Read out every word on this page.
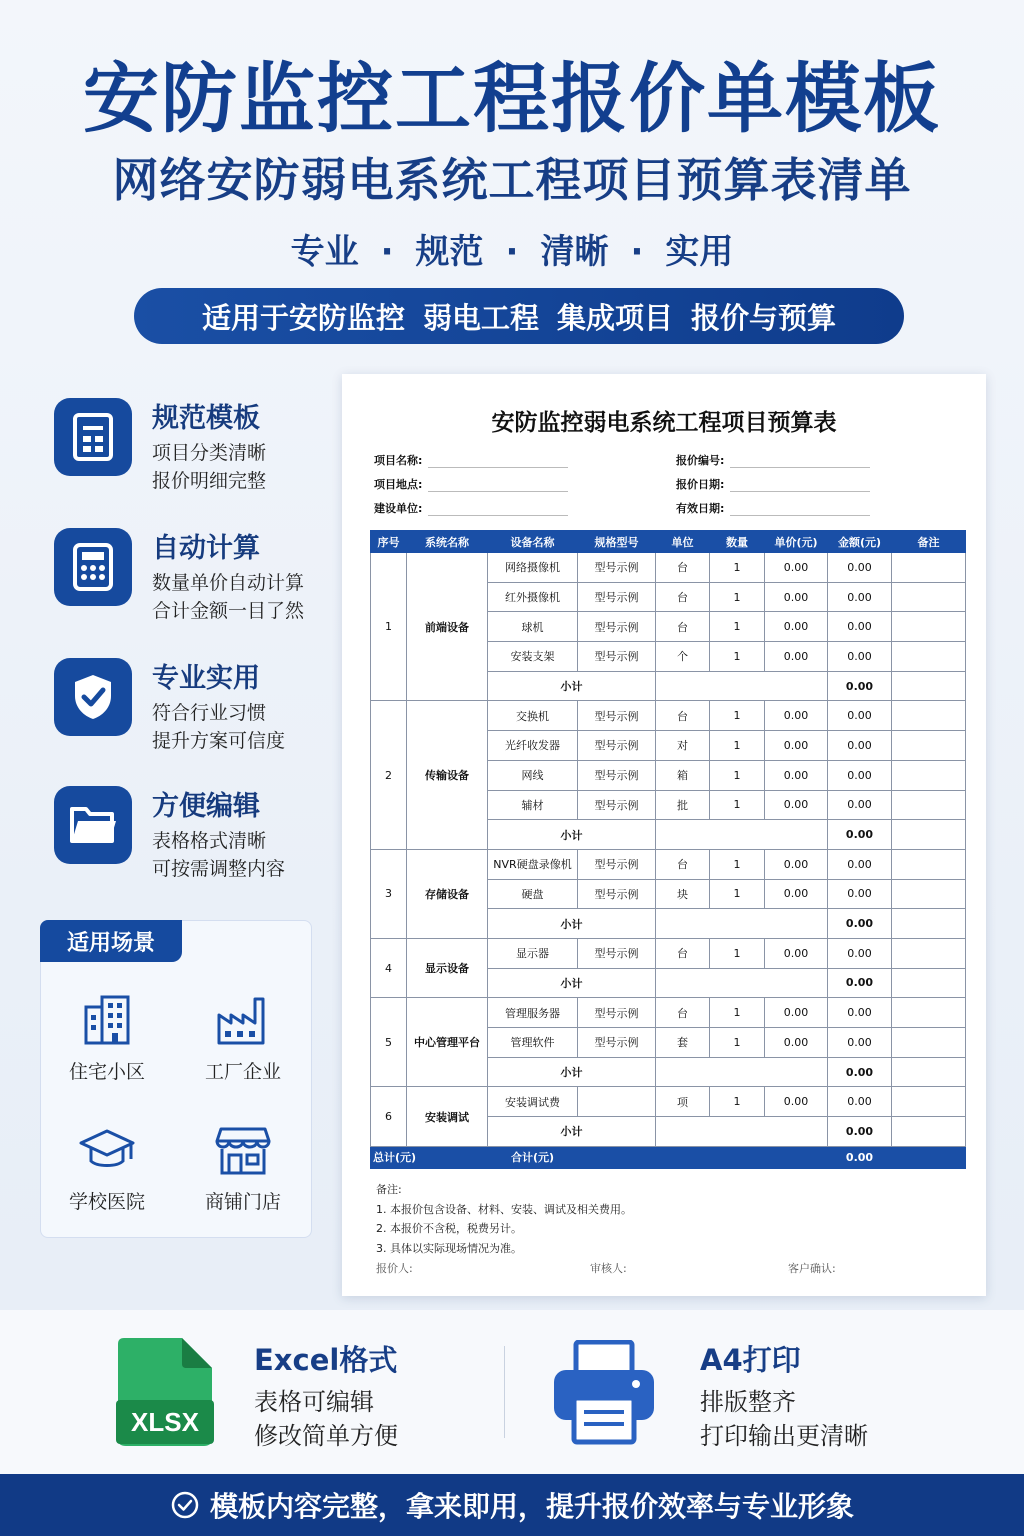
安防监控工程报价单模板
网络安防弱电系统工程项目预算表清单
专业 · 规范 · 清晰 · 实用
适用于安防监控 弱电工程 集成项目 报价与预算
规范模板
项目分类清晰
报价明细完整
自动计算
数量单价自动计算
合计金额一目了然
专业实用
符合行业习惯
提升方案可信度
方便编辑
表格格式清晰
可按需调整内容
适用场景
住宅小区	工厂企业
学校医院	商铺门店
安防监控弱电系统工程项目预算表
项目名称:
项目地点:
建设单位:
报价编号:
报价日期:
有效日期:
序号	系统名称	设备名称	规格型号	单位	数量	单价(元)	金额(元)	备注
1	前端设备	网络摄像机	型号示例	台	1	0.00	0.00	
		红外摄像机	型号示例	台	1	0.00	0.00	
		球机	型号示例	台	1	0.00	0.00	
		安装支架	型号示例	个	1	0.00	0.00	
		小计					0.00	
2	传输设备	交换机	型号示例	台	1	0.00	0.00	
		光纤收发器	型号示例	对	1	0.00	0.00	
		网线	型号示例	箱	1	0.00	0.00	
		辅材	型号示例	批	1	0.00	0.00	
		小计					0.00	
3	存储设备	NVR硬盘录像机	型号示例	台	1	0.00	0.00	
		硬盘	型号示例	块	1	0.00	0.00	
		小计					0.00	
4	显示设备	显示器	型号示例	台	1	0.00	0.00	
		小计					0.00	
5	中心管理平台	管理服务器	型号示例	台	1	0.00	0.00	
		管理软件	型号示例	套	1	0.00	0.00	
		小计					0.00	
6	安装调试	安装调试费		项	1	0.00	0.00	
		小计					0.00	
总计(元)		合计(元)					0.00	
备注:
1. 本报价包含设备、材料、安装、调试及相关费用。
2. 本报价不含税，税费另计。
3. 具体以实际现场情况为准。
报价人:	审核人:	客户确认:
XLSX
Excel格式
表格可编辑
修改简单方便
A4打印
排版整齐
打印输出更清晰
模板内容完整，拿来即用，提升报价效率与专业形象
